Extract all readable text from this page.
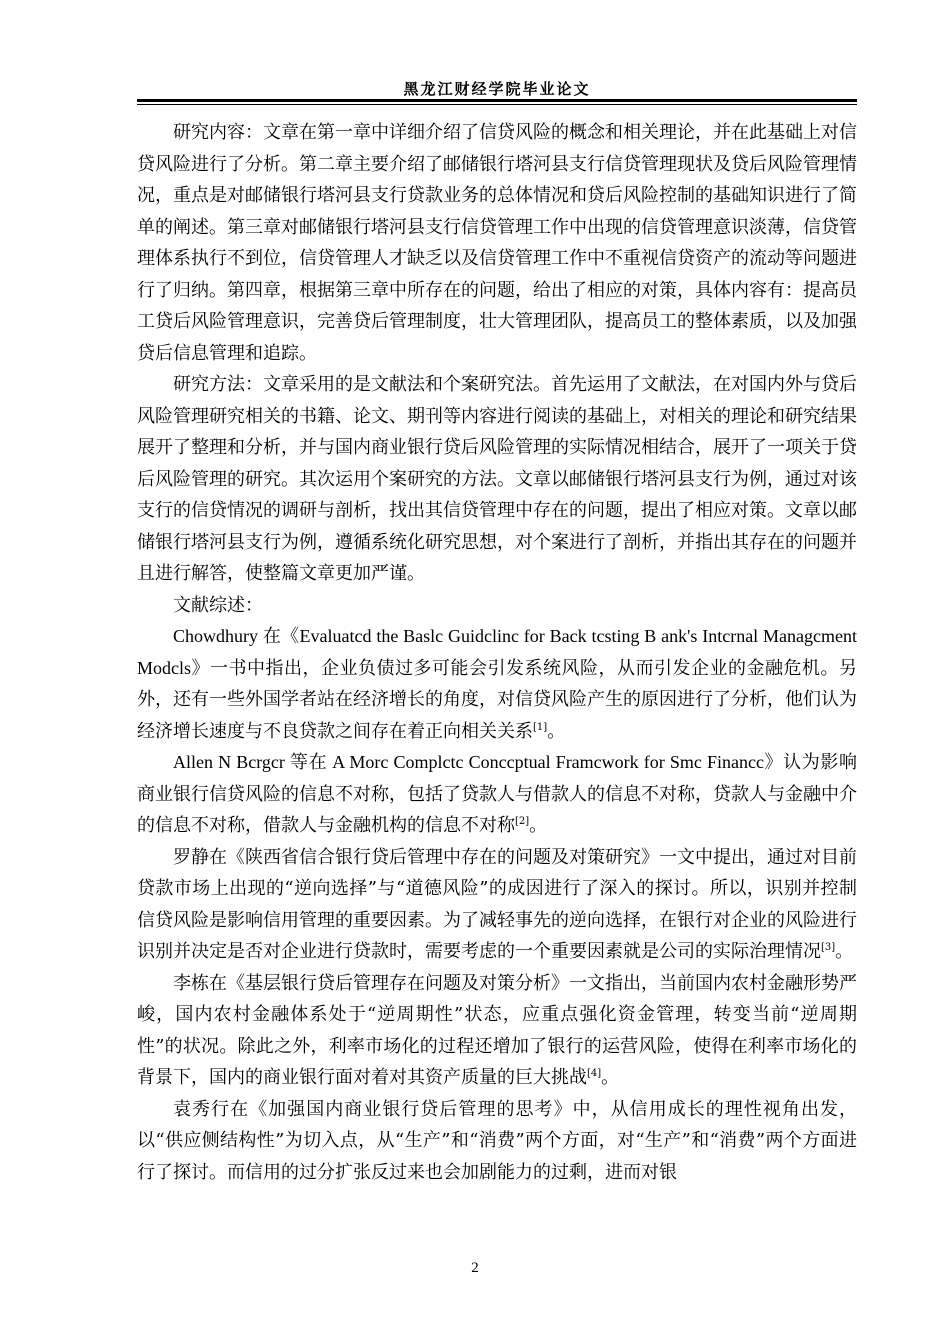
黑龙江财经学院毕业论文

研究内容：文章在第一章中详细介绍了信贷风险的概念和相关理论，并在此基础上对信贷风险进行了分析。第二章主要介绍了邮储银行塔河县支行信贷管理现状及贷后风险管理情况，重点是对邮储银行塔河县支行贷款业务的总体情况和贷后风险控制的基础知识进行了简单的阐述。第三章对邮储银行塔河县支行信贷管理工作中出现的信贷管理意识淡薄，信贷管理体系执行不到位，信贷管理人才缺乏以及信贷管理工作中不重视信贷资产的流动等问题进行了归纳。第四章，根据第三章中所存在的问题，给出了相应的对策，具体内容有：提高员工贷后风险管理意识，完善贷后管理制度，壮大管理团队，提高员工的整体素质，以及加强贷后信息管理和追踪。

研究方法：文章采用的是文献法和个案研究法。首先运用了文献法，在对国内外与贷后风险管理研究相关的书籍、论文、期刊等内容进行阅读的基础上，对相关的理论和研究结果展开了整理和分析，并与国内商业银行贷后风险管理的实际情况相结合，展开了一项关于贷后风险管理的研究。其次运用个案研究的方法。文章以邮储银行塔河县支行为例，通过对该支行的信贷情况的调研与剖析，找出其信贷管理中存在的问题，提出了相应对策。文章以邮储银行塔河县支行为例，遵循系统化研究思想，对个案进行了剖析，并指出其存在的问题并且进行解答，使整篇文章更加严谨。

文献综述：

Chowdhury 在《Evaluatcd the Baslc Guidclinc for Back tcsting B ank's Intcrnal Managcment Modcls》一书中指出，企业负债过多可能会引发系统风险，从而引发企业的金融危机。另外，还有一些外国学者站在经济增长的角度，对信贷风险产生的原因进行了分析，他们认为经济增长速度与不良贷款之间存在着正向相关关系[1]。

Allen N Bcrgcr 等在 A Morc Complctc Conccptual Framcwork for Smc Financc》认为影响商业银行信贷风险的信息不对称，包括了贷款人与借款人的信息不对称，贷款人与金融中介的信息不对称，借款人与金融机构的信息不对称[2]。

罗静在《陕西省信合银行贷后管理中存在的问题及对策研究》一文中提出，通过对目前贷款市场上出现的“逆向选择”与“道德风险”的成因进行了深入的探讨。所以，识别并控制信贷风险是影响信用管理的重要因素。为了减轻事先的逆向选择，在银行对企业的风险进行识别并决定是否对企业进行贷款时，需要考虑的一个重要因素就是公司的实际治理情况[3]。

李栋在《基层银行贷后管理存在问题及对策分析》一文指出，当前国内农村金融形势严峻，国内农村金融体系处于“逆周期性”状态，应重点强化资金管理，转变当前“逆周期性”的状况。除此之外，利率市场化的过程还增加了银行的运营风险，使得在利率市场化的背景下，国内的商业银行面对着对其资产质量的巨大挑战[4]。

袁秀行在《加强国内商业银行贷后管理的思考》中，从信用成长的理性视角出发，以“供应侧结构性”为切入点，从“生产”和“消费”两个方面，对“生产”和“消费”两个方面进行了探讨。而信用的过分扩张反过来也会加剧能力的过剩，进而对银

2
